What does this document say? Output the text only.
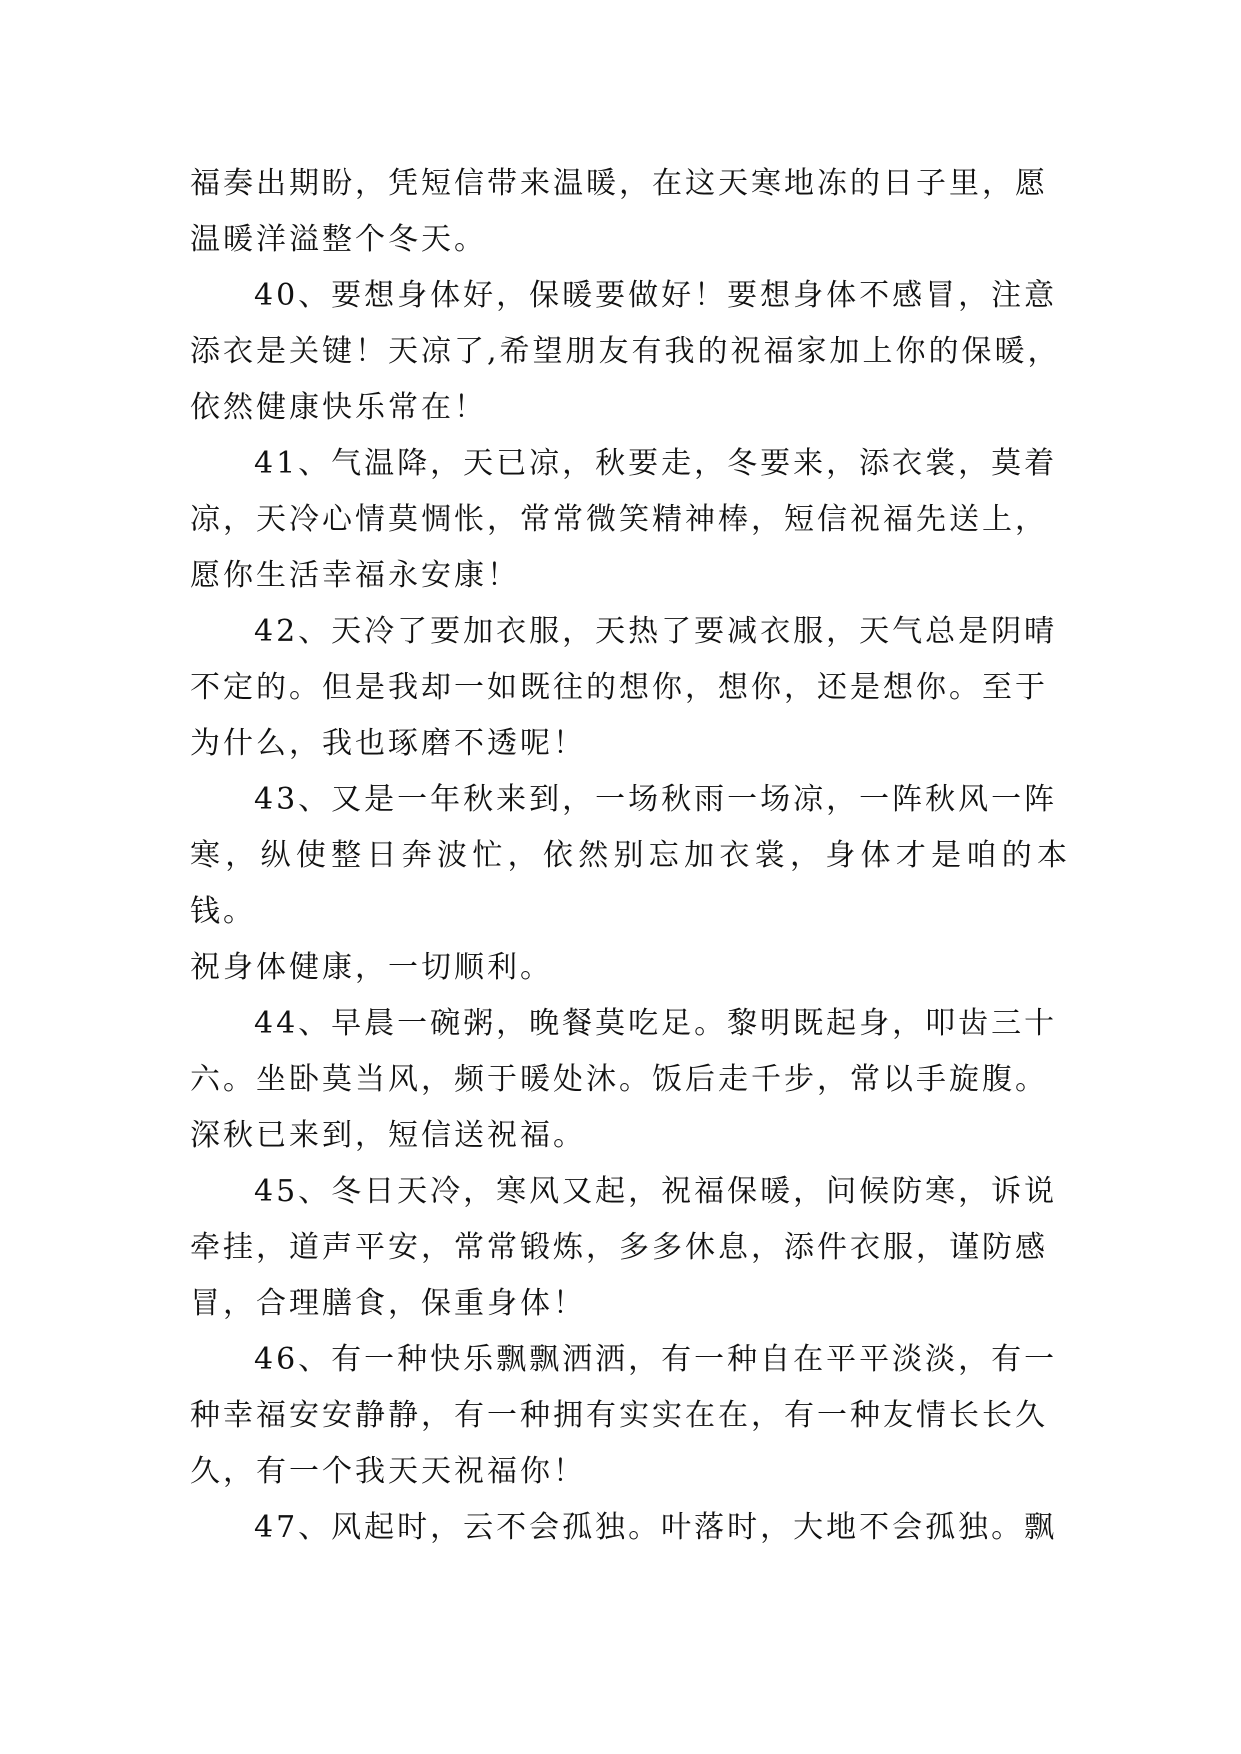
福奏出期盼，凭短信带来温暖，在这天寒地冻的日子里，愿
温暖洋溢整个冬天。
40、要想身体好，保暖要做好！要想身体不感冒，注意
添衣是关键！天凉了,希望朋友有我的祝福家加上你的保暖，
依然健康快乐常在！
41、气温降，天已凉，秋要走，冬要来，添衣裳，莫着
凉，天冷心情莫惆怅，常常微笑精神棒，短信祝福先送上，
愿你生活幸福永安康！
42、天冷了要加衣服，天热了要减衣服，天气总是阴晴
不定的。但是我却一如既往的想你，想你，还是想你。至于
为什么，我也琢磨不透呢！
43、又是一年秋来到，一场秋雨一场凉，一阵秋风一阵
寒，纵使整日奔波忙，依然别忘加衣裳，身体才是咱的本钱。
祝身体健康，一切顺利。
44、早晨一碗粥，晚餐莫吃足。黎明既起身，叩齿三十
六。坐卧莫当风，频于暖处沐。饭后走千步，常以手旋腹。
深秋已来到，短信送祝福。
45、冬日天冷，寒风又起，祝福保暖，问候防寒，诉说
牵挂，道声平安，常常锻炼，多多休息，添件衣服，谨防感
冒，合理膳食，保重身体！
46、有一种快乐飘飘洒洒，有一种自在平平淡淡，有一
种幸福安安静静，有一种拥有实实在在，有一种友情长长久
久，有一个我天天祝福你！
47、风起时，云不会孤独。叶落时，大地不会孤独。飘
